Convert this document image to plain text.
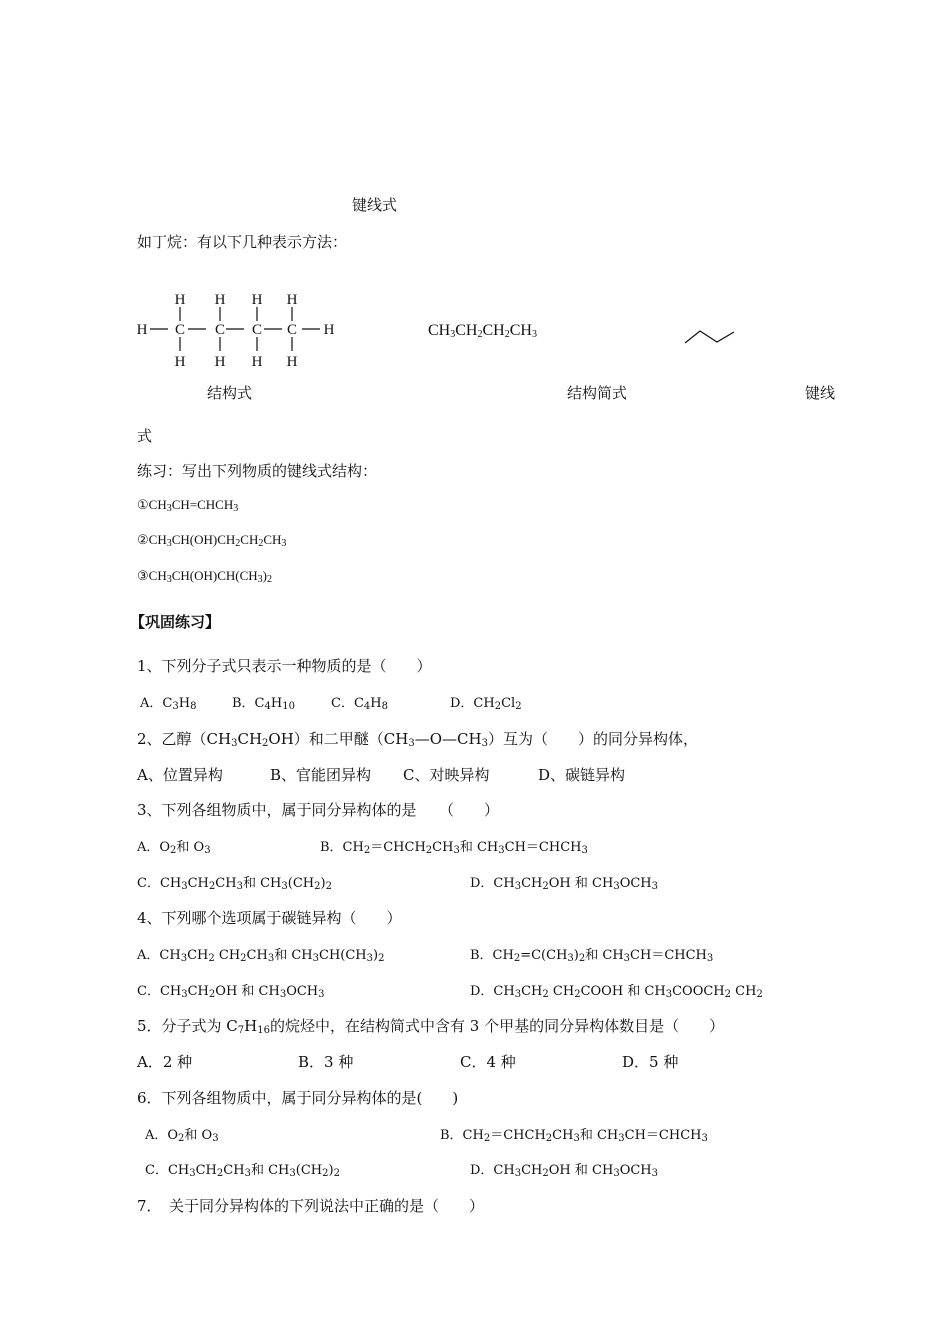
键线式
如丁烷：有以下几种表示方法：
H
H H H H
H
H H H H
C C C C	$CH_3CH_2CH_2CH_3$
结构式	结构简式	键线
式
练习：写出下列物质的键线式结构：
$①CH_3CH=CHCH_3$
$②CH_3CH(OH)CH_2CH_2CH_3$
$③CH_3CH(OH)CH(CH_3)_2$
【巩固练习】
1、下列分子式只表示一种物质的是（　　）
A．$C_3H_8$	B．$C_4H_{10}$	C．$C_4H_8$	D．$CH_2Cl_2$
2、乙醇$(CH_3CH_2OH)$和二甲醚$(CH_3—O—CH_3)$互为（　　）的同分异构体，
A、位置异构	B、官能团异构 C、对映异构	D、碳链异构
3、下列各组物质中，属于同分异构体的是　　（　　）
A．$O_2$和 $O_3$	B．$CH_2=CHCH_2CH_3$和 $CH_3CH=CHCH_3$
C．$CH_3CH_2CH_3$和 $CH_3(CH_2)_2$	D．$CH_3CH_2OH$ 和 $CH_3OCH_3$
4、下列哪个选项属于碳链异构（　　）
A．$CH_3CH_2$ $CH_2CH_3$和 $CH_3CH(CH_3)_2$	B．$CH_2=C(CH_3)_2$和 $CH_3CH=CHCH_3$
C．$CH_3CH_2OH$ 和 $CH_3OCH_3$	D．$CH_3CH_2$ $CH_2COOH$ 和 $CH_3COOCH_2$ $CH_2$
5．分子式为 $C_7H_{16}$的烷烃中，在结构简式中含有 3 个甲基的同分异构体数目是（　　）
A．2 种	B．3 种	C．4 种	D．5 种
6．下列各组物质中，属于同分异构体的是(　　)
A．$O_2$和 $O_3$	B．$CH_2=CHCH_2CH_3$和 $CH_3CH=CHCH_3$
C．$CH_3CH_2CH_3$和 $CH_3(CH_2)_2$	D．$CH_3CH_2OH$ 和 $CH_3OCH_3$
7．　关于同分异构体的下列说法中正确的是（　　）
